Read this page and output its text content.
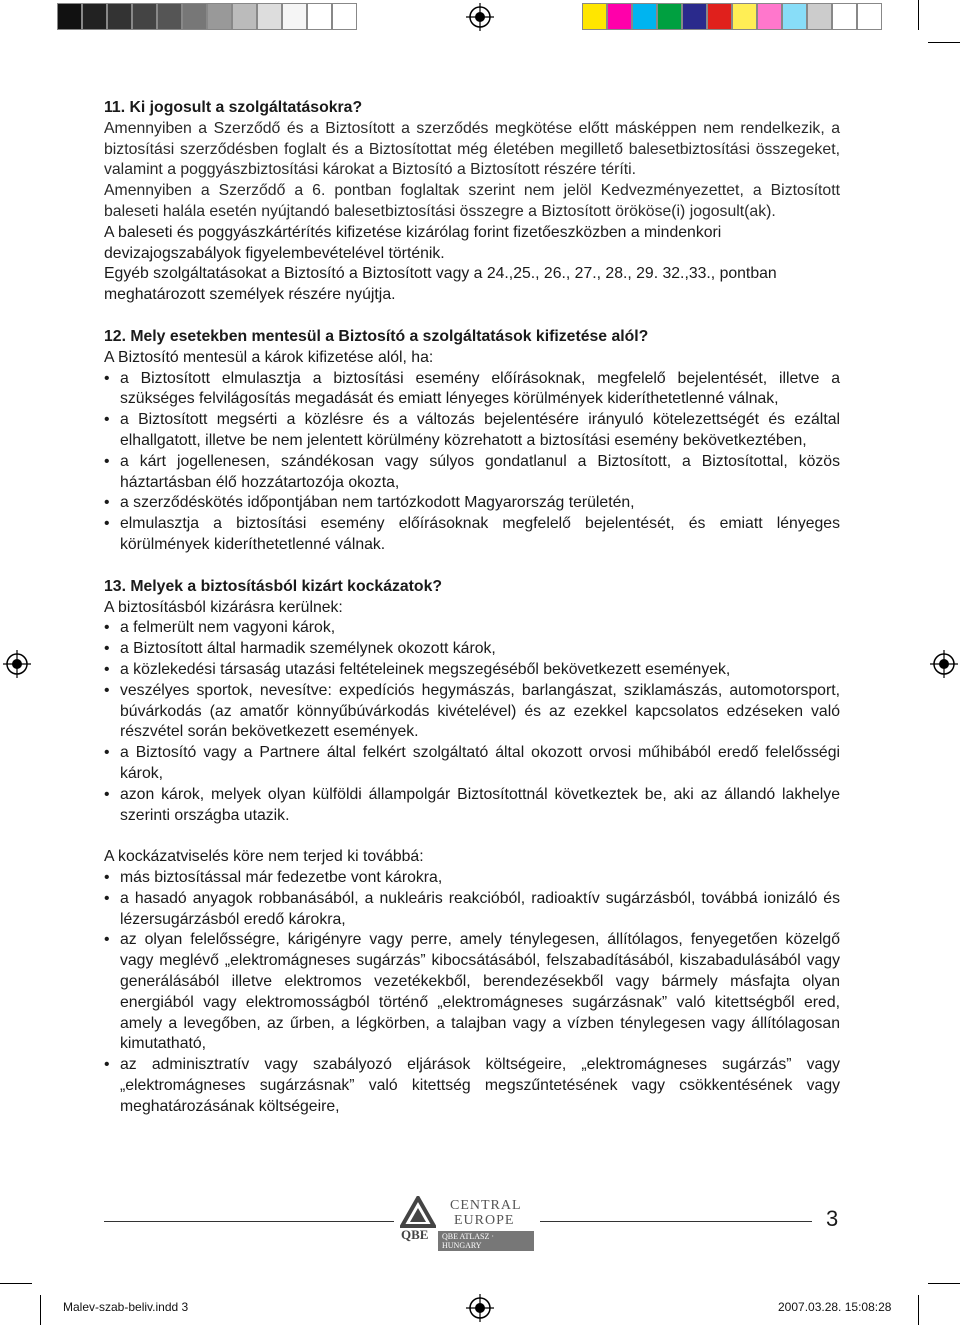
11. Ki jogosult a szolgáltatásokra?

Amennyiben a Szerződő és a Biztosított a szerződés megkötése előtt másképpen nem rendelkezik, a biztosítási szerződésben foglalt és a Biztosítottat még életében megillető balesetbiztosítási összegeket, valamint a poggyászbiztosítási károkat a Biztosító a Biztosított részére téríti.

Amennyiben a Szerződő a 6. pontban foglaltak szerint nem jelöl Kedvezményezettet, a Biztosított baleseti halála esetén nyújtandó balesetbiztosítási összegre a Biztosított örököse(i) jogosult(ak).

A baleseti és poggyászkártérítés kifizetése kizárólag forint fizetőeszközben a mindenkori devizajogszabályok figyelembevételével történik.

Egyéb szolgáltatásokat a Biztosító a Biztosított vagy a 24.,25., 26., 27., 28., 29. 32.,33., pontban meghatározott személyek részére nyújtja.

12. Mely esetekben mentesül a Biztosító a szolgáltatások kifizetése alól?

A Biztosító mentesül a károk kifizetése alól, ha:

• a Biztosított elmulasztja a biztosítási esemény előírásoknak, megfelelő bejelentését, illetve a szükséges felvilágosítás megadását és emiatt lényeges körülmények kideríthetetlenné válnak,
• a Biztosított megsérti a közlésre és a változás bejelentésére irányuló kötelezettségét és ezáltal elhallgatott, illetve be nem jelentett körülmény közrehatott a biztosítási esemény bekövetkeztében,
• a kárt jogellenesen, szándékosan vagy súlyos gondatlanul a Biztosított, a Biztosítottal, közös háztartásban élő hozzátartozója okozta,
• a szerződéskötés időpontjában nem tartózkodott Magyarország területén,
• elmulasztja a biztosítási esemény előírásoknak megfelelő bejelentését, és emiatt lényeges körülmények kideríthetetlenné válnak.
13. Melyek a biztosításból kizárt kockázatok?

A biztosításból kizárásra kerülnek:

• a felmerült nem vagyoni károk,
• a Biztosított által harmadik személynek okozott károk,
• a közlekedési társaság utazási feltételeinek megszegéséből bekövetkezett események,
• veszélyes sportok, nevesítve: expedíciós hegymászás, barlangászat, sziklamászás, automotorsport, búvárkodás (az amatőr könnyűbúvárkodás kivételével) és az ezekkel kapcsolatos edzéseken való részvétel során bekövetkezett események.
• a Biztosító vagy a Partnere által felkért szolgáltató által okozott orvosi műhibából eredő felelősségi károk,
• azon károk, melyek olyan külföldi állampolgár Biztosítottnál következtek be, aki az állandó lakhelye szerinti országba utazik.

A kockázatviselés köre nem terjed ki továbbá:

• más biztosítással már fedezetbe vont károkra,
• a hasadó anyagok robbanásából, a nukleáris reakcióból, radioaktív sugárzásból, továbbá ionizáló és lézersugárzásból eredő károkra,
• az olyan felelősségre, kárigényre vagy perre, amely ténylegesen, állítólagos, fenyegetően közelgő vagy meglévő „elektromágneses sugárzás” kibocsátásából, felszabadításából, kiszabadulásából vagy generálásából illetve elektromos vezetékekből, berendezésekből vagy bármely másfajta olyan energiából vagy elektromosságból történő „elektromágneses sugárzásnak” való kitettségből ered, amely a levegőben, az űrben, a légkörben, a talajban vagy a vízben ténylegesen vagy állítólagosan kimutatható,
• az adminisztratív vagy szabályozó eljárások költségeire, „elektromágneses sugárzás” vagy „elektromágneses sugárzásnak” való kitettség megszűntetésének vagy csökkentésének vagy meghatározásának költségeire,
QBE
CENTRAL
EUROPE
QBE ATLASZ · HUNGARY
3
Malev-szab-beliv.indd 3	2007.03.28. 15:08:28
